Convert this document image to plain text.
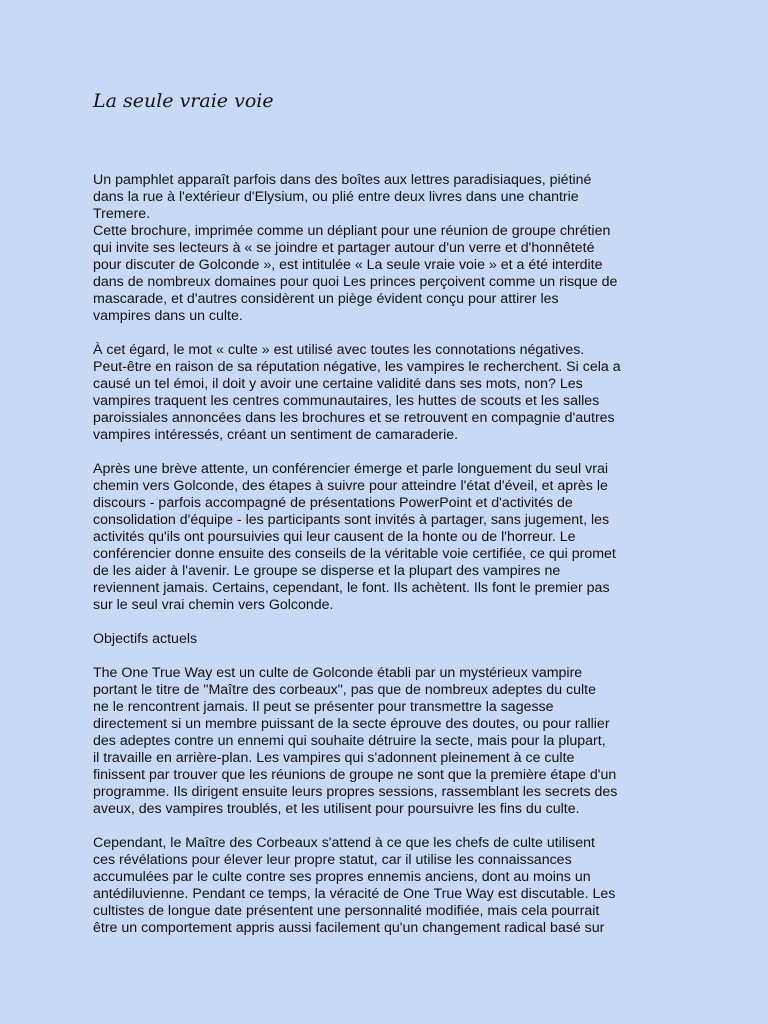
La seule vraie voie

Un pamphlet apparaît parfois dans des boîtes aux lettres paradisiaques, piétiné
dans la rue à l'extérieur d'Elysium, ou plié entre deux livres dans une chantrie
Tremere.
Cette brochure, imprimée comme un dépliant pour une réunion de groupe chrétien
qui invite ses lecteurs à « se joindre et partager autour d'un verre et d'honnêteté
pour discuter de Golconde », est intitulée « La seule vraie voie » et a été interdite
dans de nombreux domaines pour quoi Les princes perçoivent comme un risque de
mascarade, et d'autres considèrent un piège évident conçu pour attirer les
vampires dans un culte.

À cet égard, le mot « culte » est utilisé avec toutes les connotations négatives.
Peut-être en raison de sa réputation négative, les vampires le recherchent. Si cela a
causé un tel émoi, il doit y avoir une certaine validité dans ses mots, non? Les
vampires traquent les centres communautaires, les huttes de scouts et les salles
paroissiales annoncées dans les brochures et se retrouvent en compagnie d'autres
vampires intéressés, créant un sentiment de camaraderie.

Après une brève attente, un conférencier émerge et parle longuement du seul vrai
chemin vers Golconde, des étapes à suivre pour atteindre l'état d'éveil, et après le
discours - parfois accompagné de présentations PowerPoint et d'activités de
consolidation d'équipe - les participants sont invités à partager, sans jugement, les
activités qu'ils ont poursuivies qui leur causent de la honte ou de l'horreur. Le
conférencier donne ensuite des conseils de la véritable voie certifiée, ce qui promet
de les aider à l'avenir. Le groupe se disperse et la plupart des vampires ne
reviennent jamais. Certains, cependant, le font. Ils achètent. Ils font le premier pas
sur le seul vrai chemin vers Golconde.

Objectifs actuels

The One True Way est un culte de Golconde établi par un mystérieux vampire
portant le titre de "Maître des corbeaux", pas que de nombreux adeptes du culte
ne le rencontrent jamais. Il peut se présenter pour transmettre la sagesse
directement si un membre puissant de la secte éprouve des doutes, ou pour rallier
des adeptes contre un ennemi qui souhaite détruire la secte, mais pour la plupart,
il travaille en arrière-plan. Les vampires qui s'adonnent pleinement à ce culte
finissent par trouver que les réunions de groupe ne sont que la première étape d'un
programme. Ils dirigent ensuite leurs propres sessions, rassemblant les secrets des
aveux, des vampires troublés, et les utilisent pour poursuivre les fins du culte.

Cependant, le Maître des Corbeaux s'attend à ce que les chefs de culte utilisent
ces révélations pour élever leur propre statut, car il utilise les connaissances
accumulées par le culte contre ses propres ennemis anciens, dont au moins un
antédiluvienne. Pendant ce temps, la véracité de One True Way est discutable. Les
cultistes de longue date présentent une personnalité modifiée, mais cela pourrait
être un comportement appris aussi facilement qu'un changement radical basé sur
